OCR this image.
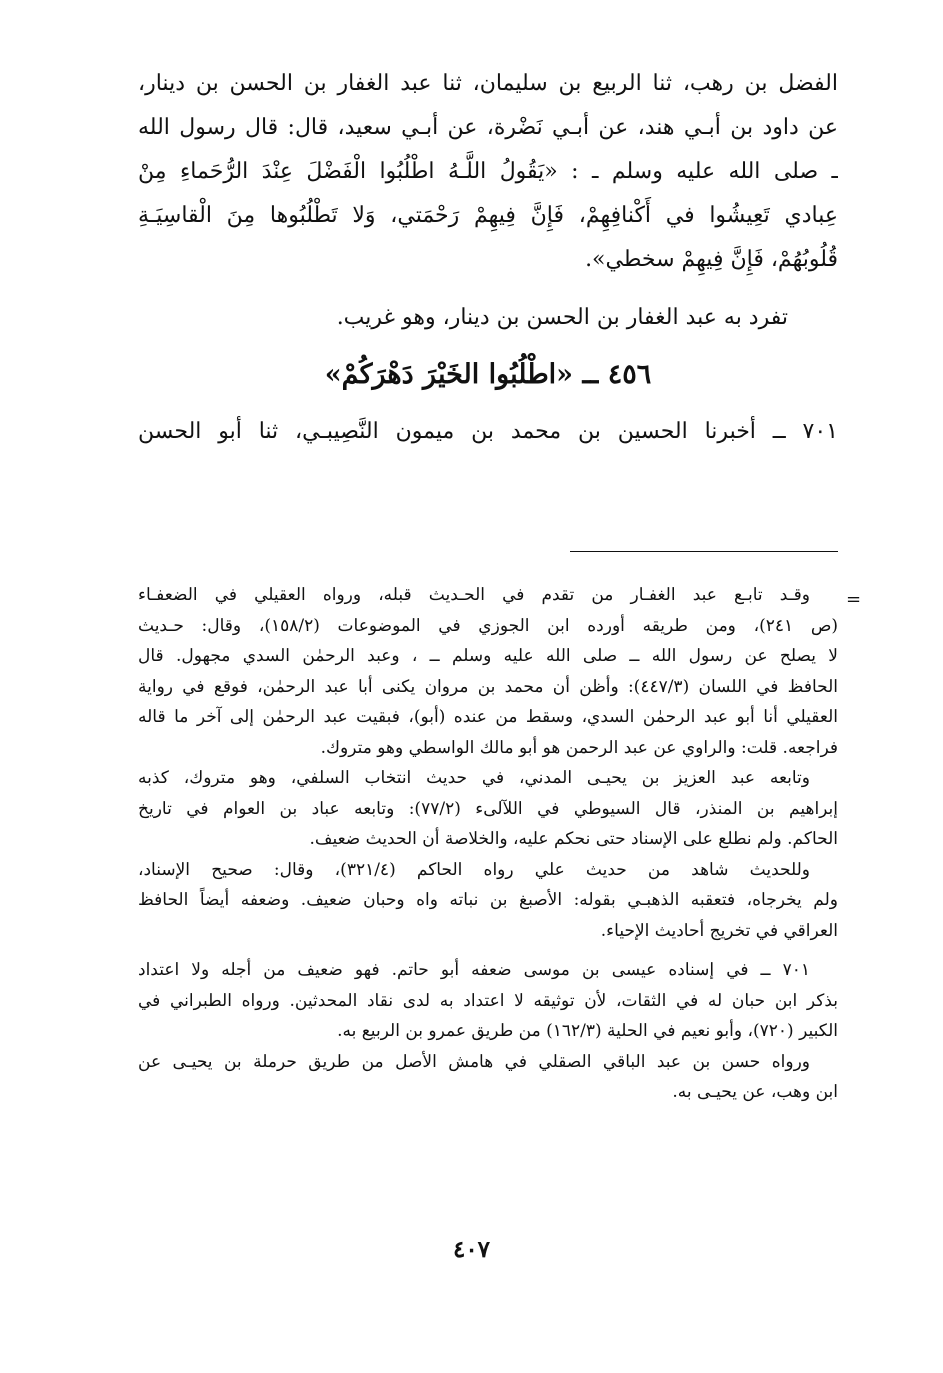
الفضل بن رهب، ثنا الربيع بن سليمان، ثنا عبد الغفار بن الحسن بن دينار،
عن داود بن أبـي هند، عن أبـي نَضْرة، عن أبـي سعيد، قال: قال رسول الله
ـ صلى الله عليه وسلم ـ : «يَقُولُ اللَّـهُ اطْلُبُوا الْفَضْلَ عِنْدَ الرُّحَماءِ مِنْ
عِبادي تَعِيشُوا في أَكْنافِهِمْ، فَإِنَّ فِيهِمْ رَحْمَتي، وَلا تَطْلُبُوها مِنَ الْقاسِيَـةِ
قُلُوبُهُمْ، فَإِنَّ فِيهِمْ سخطي».
تفرد به عبد الغفار بن الحسن بن دينار، وهو غريب.
٤٥٦ ــ «اطْلُبُوا الخَيْرَ دَهْرَكُمْ»
٧٠١ ــ أخبرنا الحسين بن محمد بن ميمون النَّصِيبـي، ثنا أبو الحسن
=
وقـد تابـع عبد الغفـار من تقدم في الحـديث قبله، ورواه العقيلي في الضعفـاء
(ص ٢٤١)، ومن طريقه أورده ابن الجوزي في الموضوعات (١٥٨/٢)، وقال: حـديث
لا يصلح عن رسول الله ــ صلى الله عليه وسلم ــ ، وعبد الرحمٰن السدي مجهول. قال
الحافظ في اللسان (٤٤٧/٣): وأظن أن محمد بن مروان يكنى أبا عبد الرحمٰن، فوقع في رواية
العقيلي أنا أبو عبد الرحمٰن السدي، وسقط من عنده (أبو)، فبقيت عبد الرحمٰن إلى آخر ما قاله
فراجعه. قلت: والراوي عن عبد الرحمن هو أبو مالك الواسطي وهو متروك.
وتابعه عبد العزيز بن يحيـى المدني، في حديث انتخاب السلفي، وهو متروك، كذبه
إبراهيم بن المنذر، قال السيوطي في اللآلىء (٧٧/٢): وتابعه عباد بن العوام في تاريخ
الحاكم. ولم نطلع على الإسناد حتى نحكم عليه، والخلاصة أن الحديث ضعيف.
وللحديث شاهد من حديث علي رواه الحاكم (٣٢١/٤)، وقال: صحيح الإسناد،
ولم يخرجاه، فتعقبه الذهبـي بقوله: الأصبغ بن نباته واه وحبان ضعيف. وضعفه أيضاً الحافظ
العراقي في تخريج أحاديث الإحياء.
٧٠١ ــ في إسناده عيسى بن موسى ضعفه أبو حاتم. فهو ضعيف من أجله ولا اعتداد
بذكر ابن حبان له في الثقات، لأن توثيقه لا اعتداد به لدى نقاد المحدثين. ورواه الطبراني في
الكبير (٧٢٠)، وأبو نعيم في الحلية (١٦٢/٣) من طريق عمرو بن الربيع به.
ورواه حسن بن عبد الباقي الصقلي في هامش الأصل من طريق حرملة بن يحيـى عن
ابن وهب، عن يحيـى به.
٤٠٧
